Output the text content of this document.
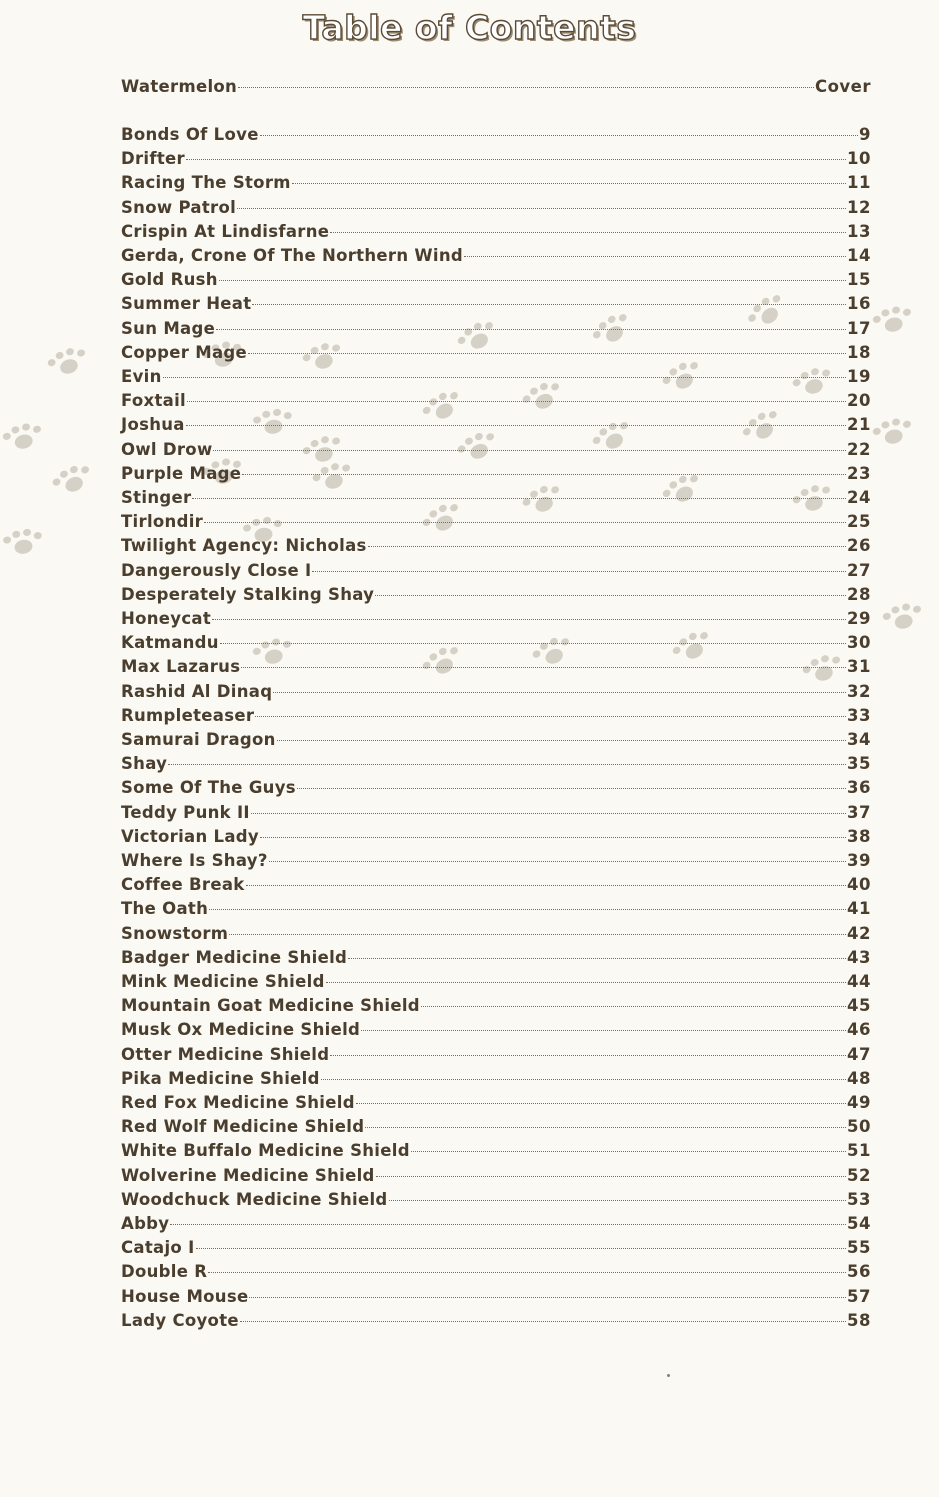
Table of Contents
Watermelon	Cover
Bonds Of Love	9
Drifter	10
Racing The Storm	11
Snow Patrol	12
Crispin At Lindisfarne	13
Gerda, Crone Of The Northern Wind	14
Gold Rush	15
Summer Heat	16
Sun Mage	17
Copper Mage	18
Evin	19
Foxtail	20
Joshua	21
Owl Drow	22
Purple Mage	23
Stinger	24
Tirlondir	25
Twilight Agency: Nicholas	26
Dangerously Close I	27
Desperately Stalking Shay	28
Honeycat	29
Katmandu	30
Max Lazarus	31
Rashid Al Dinaq	32
Rumpleteaser	33
Samurai Dragon	34
Shay	35
Some Of The Guys	36
Teddy Punk II	37
Victorian Lady	38
Where Is Shay?	39
Coffee Break	40
The Oath	41
Snowstorm	42
Badger Medicine Shield	43
Mink Medicine Shield	44
Mountain Goat Medicine Shield	45
Musk Ox Medicine Shield	46
Otter Medicine Shield	47
Pika Medicine Shield	48
Red Fox Medicine Shield	49
Red Wolf Medicine Shield	50
White Buffalo Medicine Shield	51
Wolverine Medicine Shield	52
Woodchuck Medicine Shield	53
Abby	54
Catajo I	55
Double R	56
House Mouse	57
Lady Coyote	58
